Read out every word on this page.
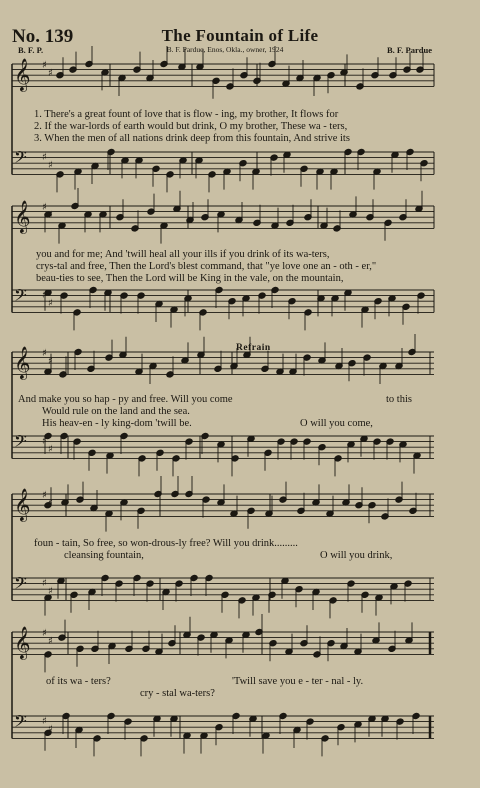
No. 139	The Fountain of Life
B. F. P.	B. F. Pardue, Enos, Okla., owner, 1924	B. F. Pardue
𝄞 ♯
♯
𝄢 ♯
♯
𝄞 ♯
♯
𝄢 ♯
♯
𝄞 ♯
♯
𝄢 ♯
♯
𝄞 ♯
♯
𝄢 ♯
♯
𝄞 ♯
♯
𝄢 ♯
♯
1. There's a great fount of love that is flow - ing, my brother, It flows for
2. If the war-lords of earth would but drink, O my brother, These wa - ters,
3. When the men of all nations drink deep from this fountain, And strive its
you and for me; And 'twill heal all your ills if you drink of its wa-ters,
crys-tal and free, Then the Lord's blest command, that "ye love one an - oth - er,"
beau-ties to see, Then the Lord will be King in the vale, on the mountain,
Refrain
And make you so hap - py and free. Will you come	to this
Would rule on the land and the sea.
His heav-en - ly king-dom 'twill be.	O will you come,
foun - tain, So free, so won-drous-ly free? Will you drink.........
cleansing fountain,	O will you drink,
of its wa - ters?	'Twill save you e - ter - nal - ly.
cry - stal wa-ters?
